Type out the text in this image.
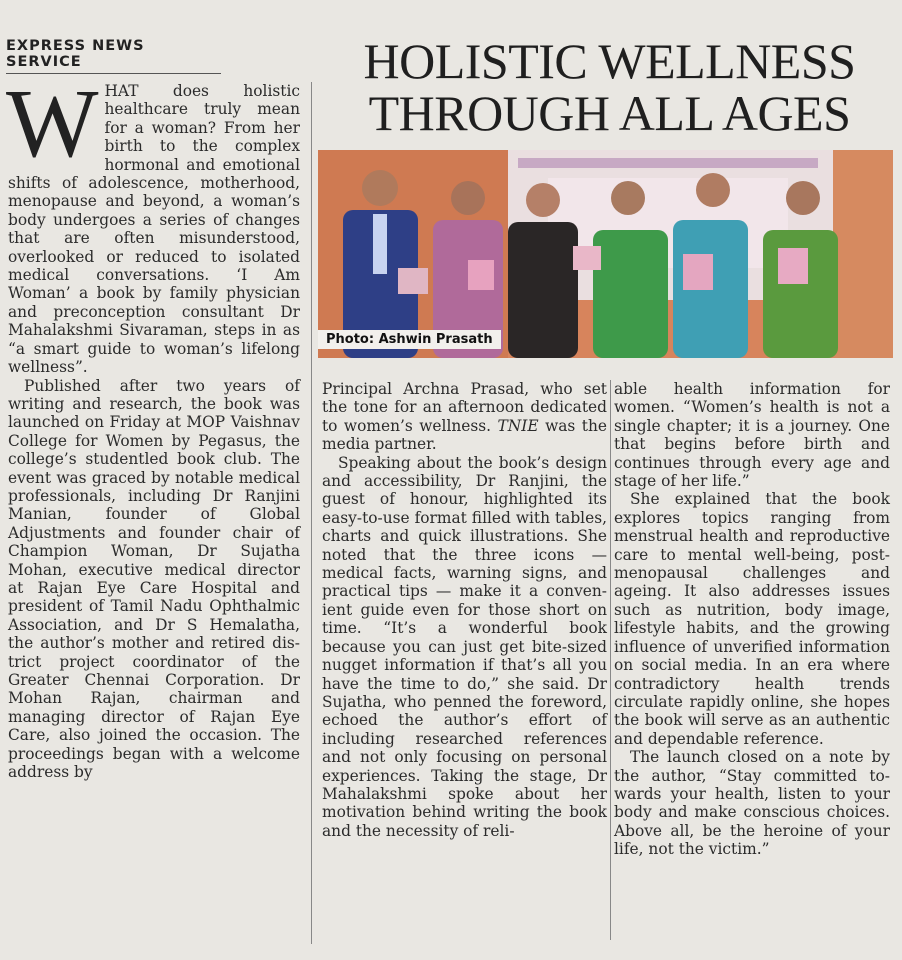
EXPRESS NEWS SERVICE	HOLISTIC WELLNESS
THROUGH ALL AGES
Photo: Ashwin Prasath
W HAT does holistic healthcare truly mean for a woman? From her birth to the complex hormonal and emotional shifts of adolescence, motherhood, menopause and beyond, a woman’s body undergoes a series of changes that are often misunderstood, overlooked or reduced to isolated medical conversations. ‘I Am Woman’ a book by family physician and preconception consultant Dr Mahalakshmi Sivaraman, steps in as “a smart guide to woman’s lifelong wellness”.

Published after two years of writing and research, the book was launched on Friday at MOP Vaishnav College for Women by Pegasus, the college’s studentled book club. The event was graced by notable medical professionals, including Dr Ranjini Manian, founder of Global Adjustments and founder chair of Champion Woman, Dr Sujatha Mohan, executive medical director at Rajan Eye Care Hospital and president of Tamil Nadu Ophthalmic Association, and Dr S Hemalatha, the author’s mother and retired district project coordinator of the Greater Chennai Corporation. Dr Mohan Rajan, chairman and managing director of Rajan Eye Care, also joined the occasion. The proceedings began with a welcome address by

Principal Archna Prasad, who set the tone for an afternoon dedicated to women’s wellness. TNIE was the media partner.

Speaking about the book’s design and accessibility, Dr Ranjini, the guest of honour, highlighted its easy-to-use format filled with tables, charts and quick illustrations. She noted that the three icons — medical facts, warning signs, and practical tips — make it a convenient guide even for those short on time. “It’s a wonderful book because you can just get bite-sized nugget information if that’s all you have the time to do,” she said. Dr Sujatha, who penned the foreword, echoed the author’s effort of including researched references and not only focusing on personal experiences. Taking the stage, Dr Mahalakshmi spoke about her motivation behind writing the book and the necessity of reli-

able health information for women. “Women’s health is not a single chapter; it is a journey. One that begins before birth and continues through every age and stage of her life.”

She explained that the book explores topics ranging from menstrual health and reproductive care to mental well-being, post-menopausal challenges and ageing. It also addresses issues such as nutrition, body image, lifestyle habits, and the growing influence of unverified information on social media. In an era where contradictory health trends circulate rapidly online, she hopes the book will serve as an authentic and dependable reference.

The launch closed on a note by the author, “Stay committed towards your health, listen to your body and make conscious choices. Above all, be the heroine of your life, not the victim.”
